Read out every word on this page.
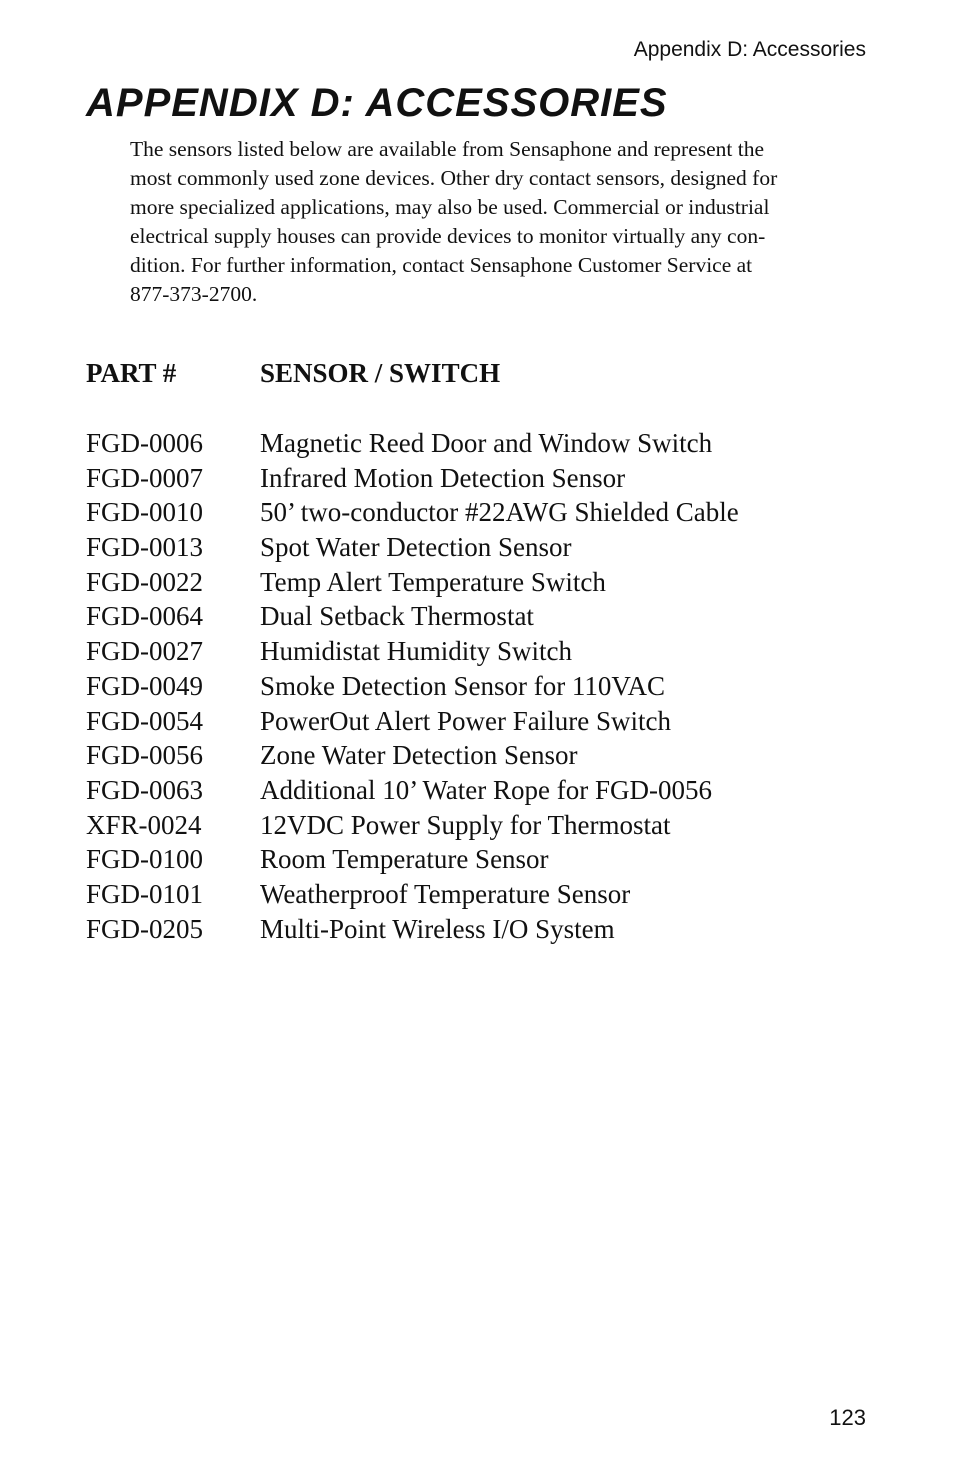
Appendix D: Accessories
APPENDIX D: ACCESSORIES

The sensors listed below are available from Sensaphone and represent the
most commonly used zone devices. Other dry contact sensors, designed for
more specialized applications, may also be used. Commercial or industrial
electrical supply houses can provide devices to monitor virtually any con-
dition. For further information, contact Sensaphone Customer Service at
877-373-2700.

PART #	SENSOR / SWITCH
FGD-0006	Magnetic Reed Door and Window Switch
FGD-0007	Infrared Motion Detection Sensor
FGD-0010	50’ two-conductor #22AWG Shielded Cable
FGD-0013	Spot Water Detection Sensor
FGD-0022	Temp Alert Temperature Switch
FGD-0064	Dual Setback Thermostat
FGD-0027	Humidistat Humidity Switch
FGD-0049	Smoke Detection Sensor for 110VAC
FGD-0054	PowerOut Alert Power Failure Switch
FGD-0056	Zone Water Detection Sensor
FGD-0063	Additional 10’ Water Rope for FGD-0056
XFR-0024	12VDC Power Supply for Thermostat
FGD-0100	Room Temperature Sensor
FGD-0101	Weatherproof Temperature Sensor
FGD-0205	Multi-Point Wireless I/O System
123
